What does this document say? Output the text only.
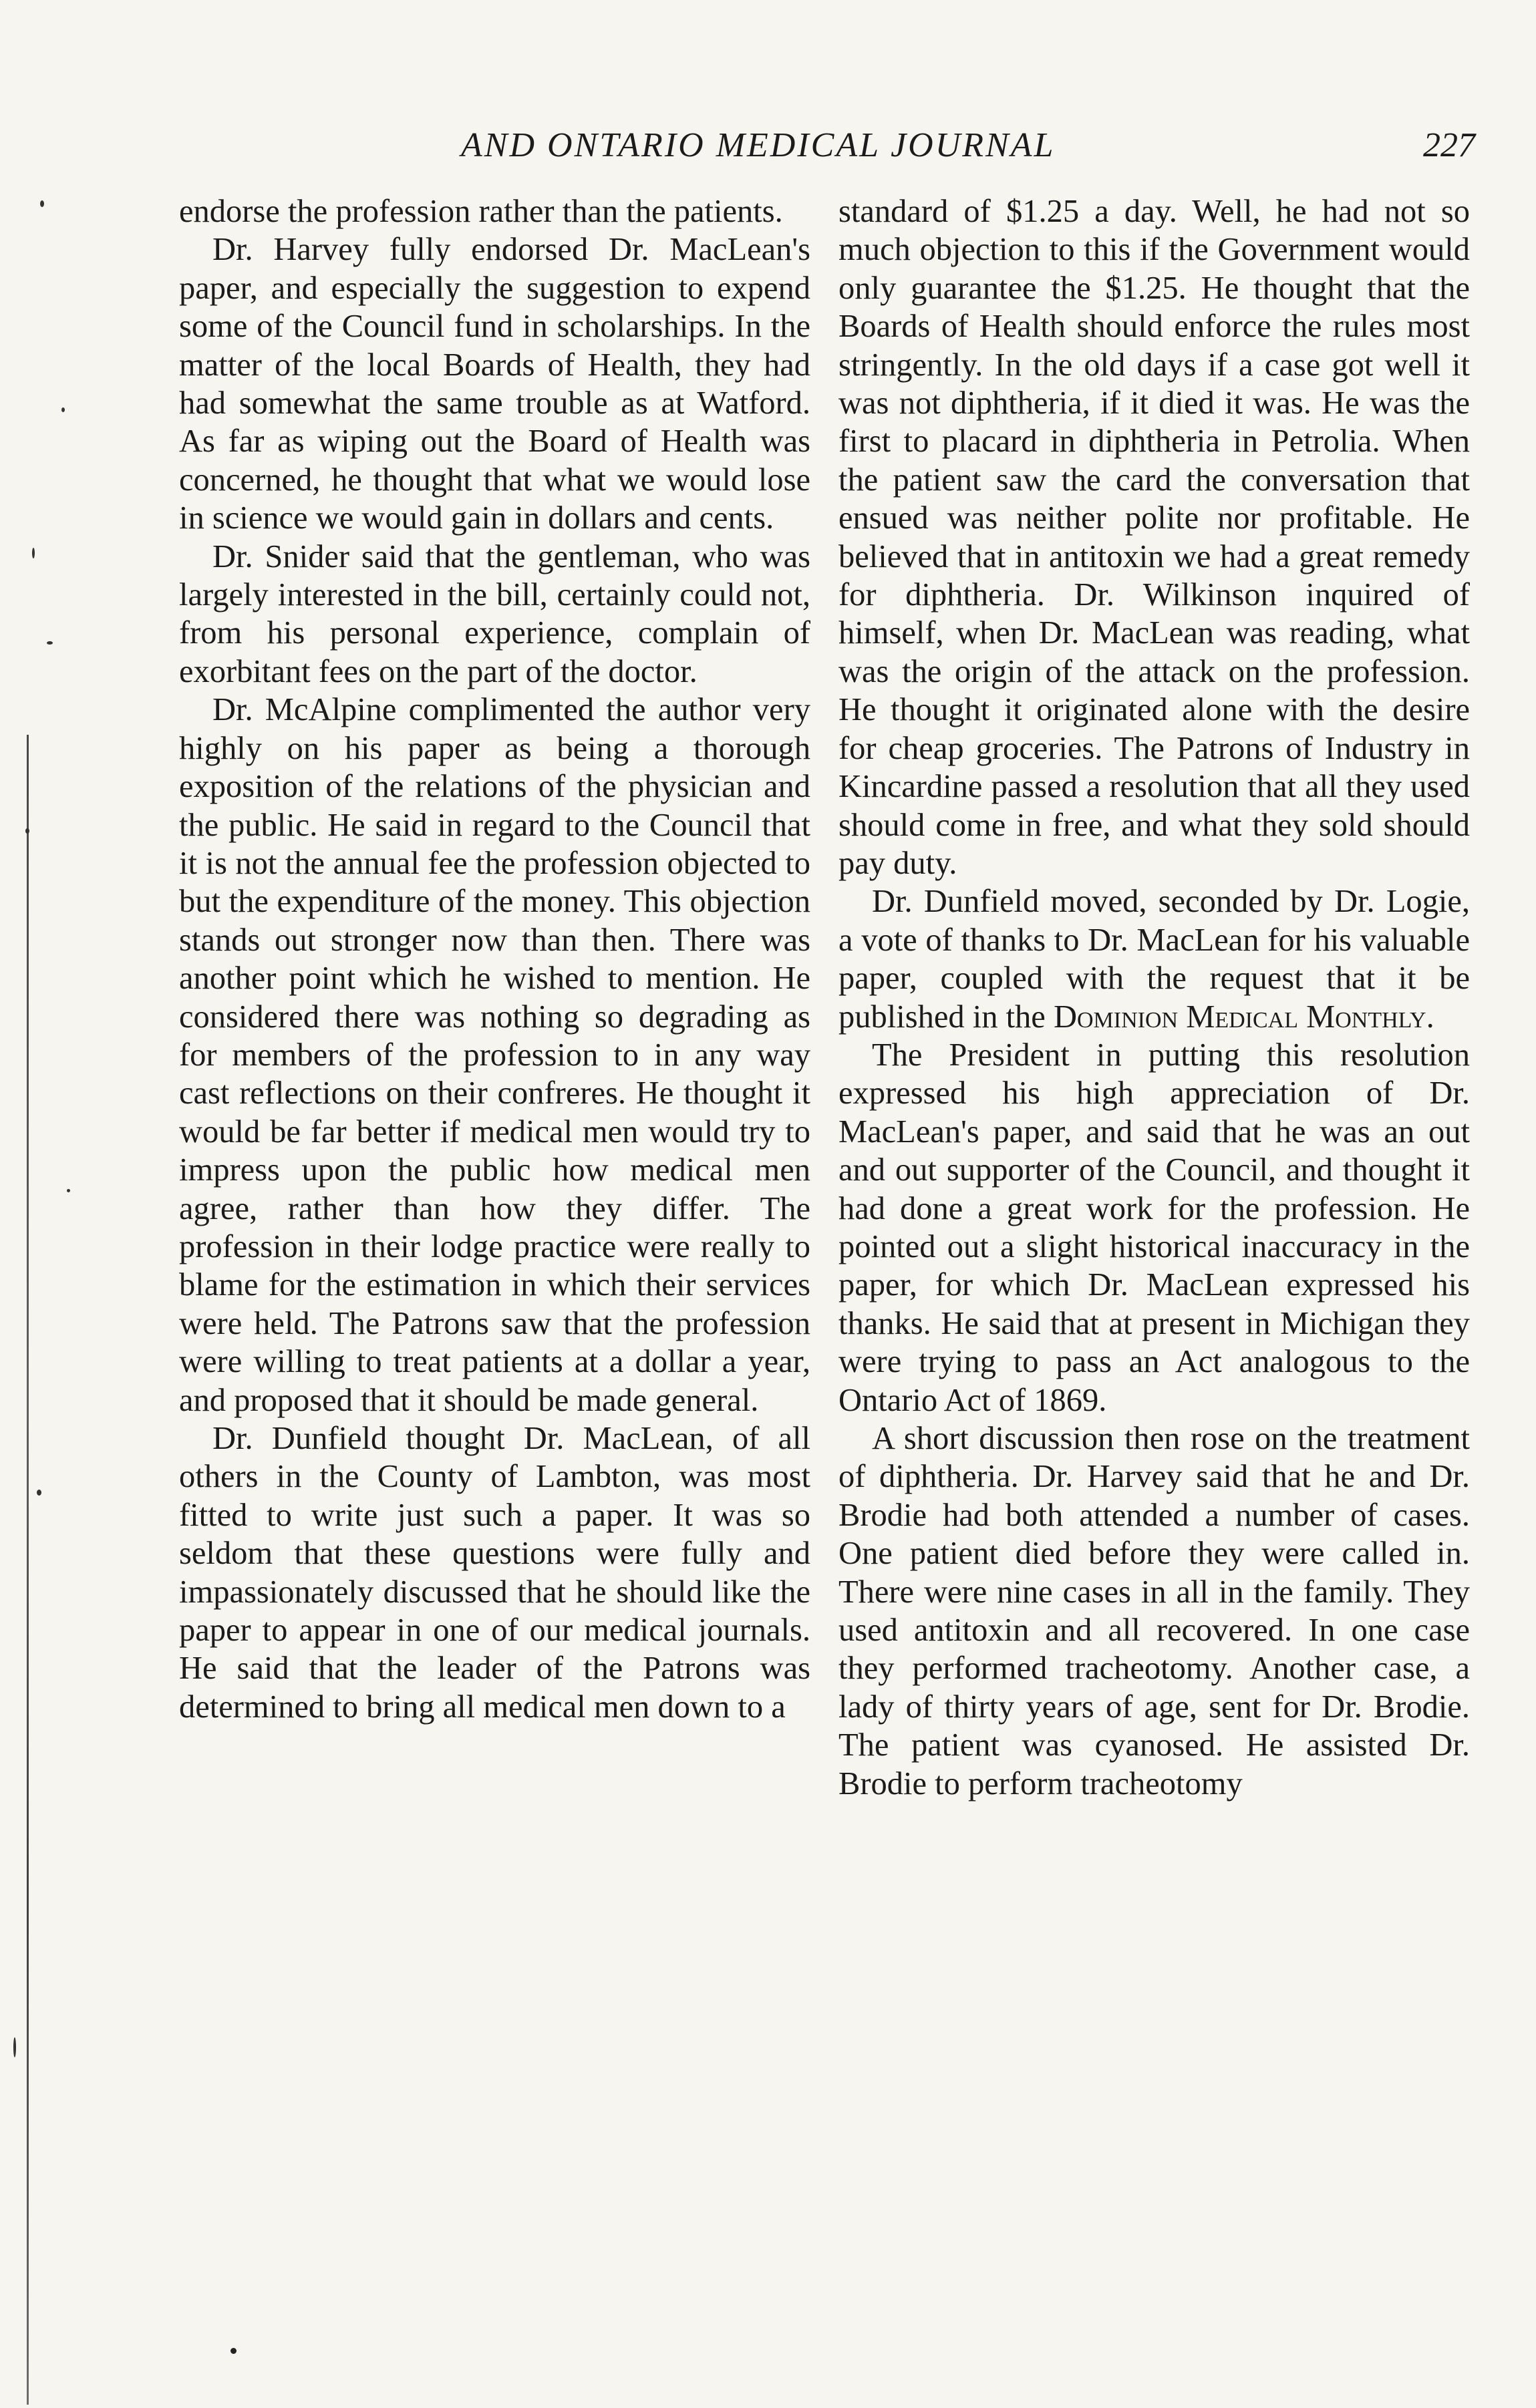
AND ONTARIO MEDICAL JOURNAL	227

endorse the profession rather than the patients.

Dr. Harvey fully endorsed Dr. MacLean's paper, and especially the suggestion to expend some of the Council fund in scholarships. In the matter of the local Boards of Health, they had had somewhat the same trouble as at Watford. As far as wiping out the Board of Health was concerned, he thought that what we would lose in science we would gain in dollars and cents.

Dr. Snider said that the gentleman, who was largely interested in the bill, certainly could not, from his personal experience, complain of exorbitant fees on the part of the doctor.

Dr. McAlpine complimented the author very highly on his paper as being a thorough exposition of the relations of the physician and the public. He said in regard to the Council that it is not the annual fee the profession objected to but the expenditure of the money. This objection stands out stronger now than then. There was another point which he wished to mention. He considered there was nothing so degrading as for members of the profession to in any way cast reflections on their confreres. He thought it would be far better if medical men would try to impress upon the public how medical men agree, rather than how they differ. The profession in their lodge practice were really to blame for the estimation in which their services were held. The Patrons saw that the profession were willing to treat patients at a dollar a year, and proposed that it should be made general.

Dr. Dunfield thought Dr. MacLean, of all others in the County of Lambton, was most fitted to write just such a paper. It was so seldom that these questions were fully and impassionately discussed that he should like the paper to appear in one of our medical journals. He said that the leader of the Patrons was determined to bring all medical men down to a

standard of $1.25 a day. Well, he had not so much objection to this if the Government would only guarantee the $1.25. He thought that the Boards of Health should enforce the rules most stringently. In the old days if a case got well it was not diphtheria, if it died it was. He was the first to placard in diphtheria in Petrolia. When the patient saw the card the conversation that ensued was neither polite nor profitable. He believed that in antitoxin we had a great remedy for diphtheria. Dr. Wilkinson inquired of himself, when Dr. MacLean was reading, what was the origin of the attack on the profession. He thought it originated alone with the desire for cheap groceries. The Patrons of Industry in Kincardine passed a resolution that all they used should come in free, and what they sold should pay duty.

Dr. Dunfield moved, seconded by Dr. Logie, a vote of thanks to Dr. MacLean for his valuable paper, coupled with the request that it be published in the Dominion Medical Monthly.

The President in putting this resolution expressed his high appreciation of Dr. MacLean's paper, and said that he was an out and out supporter of the Council, and thought it had done a great work for the profession. He pointed out a slight historical inaccuracy in the paper, for which Dr. MacLean expressed his thanks. He said that at present in Michigan they were trying to pass an Act analogous to the Ontario Act of 1869.

A short discussion then rose on the treatment of diphtheria. Dr. Harvey said that he and Dr. Brodie had both attended a number of cases. One patient died before they were called in. There were nine cases in all in the family. They used antitoxin and all recovered. In one case they performed tracheotomy. Another case, a lady of thirty years of age, sent for Dr. Brodie. The patient was cyanosed. He assisted Dr. Brodie to perform tracheotomy
